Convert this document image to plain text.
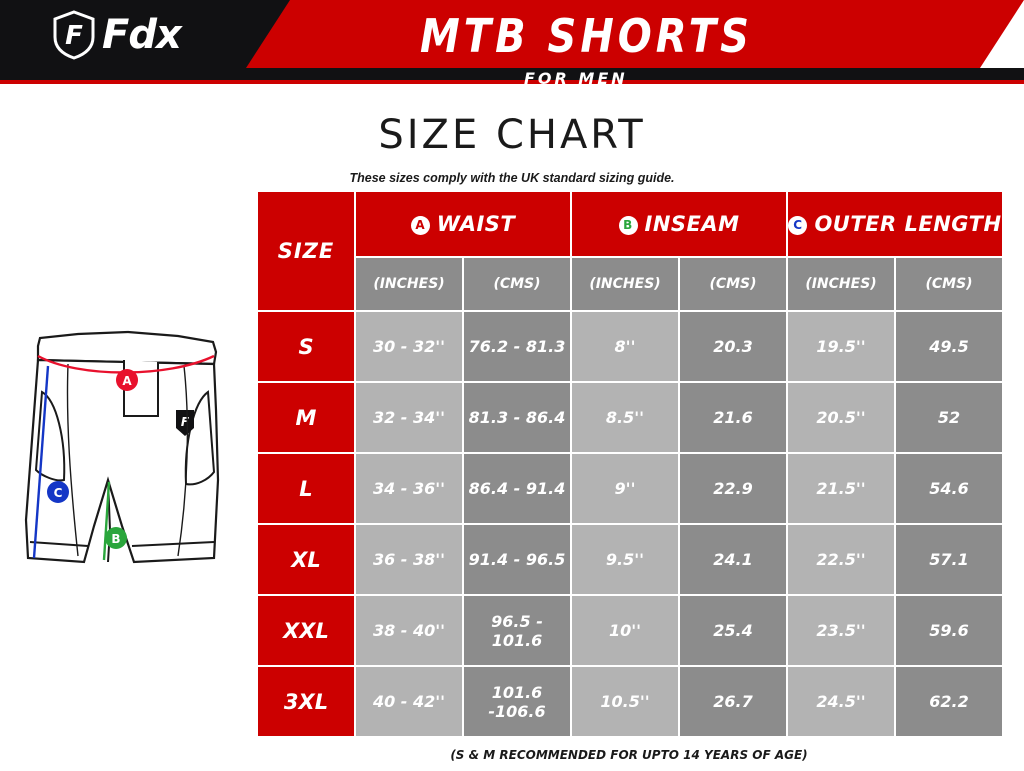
F Fdx	MTB SHORTS
FOR MEN
SIZE CHART
These sizes comply with the UK standard sizing guide.
F
A
B
C
SIZE	A WAIST		B INSEAM		C OUTER LENGTH	
	(INCHES)	(CMS)	(INCHES)	(CMS)	(INCHES)	(CMS)
S	30 - 32''	76.2 - 81.3	8''	20.3	19.5''	49.5
M	32 - 34''	81.3 - 86.4	8.5''	21.6	20.5''	52
L	34 - 36''	86.4 - 91.4	9''	22.9	21.5''	54.6
XL	36 - 38''	91.4 - 96.5	9.5''	24.1	22.5''	57.1
XXL	38 - 40''	96.5 - 101.6	10''	25.4	23.5''	59.6
3XL	40 - 42''	101.6 -106.6	10.5''	26.7	24.5''	62.2
(S & M RECOMMENDED FOR UPTO 14 YEARS OF AGE)
